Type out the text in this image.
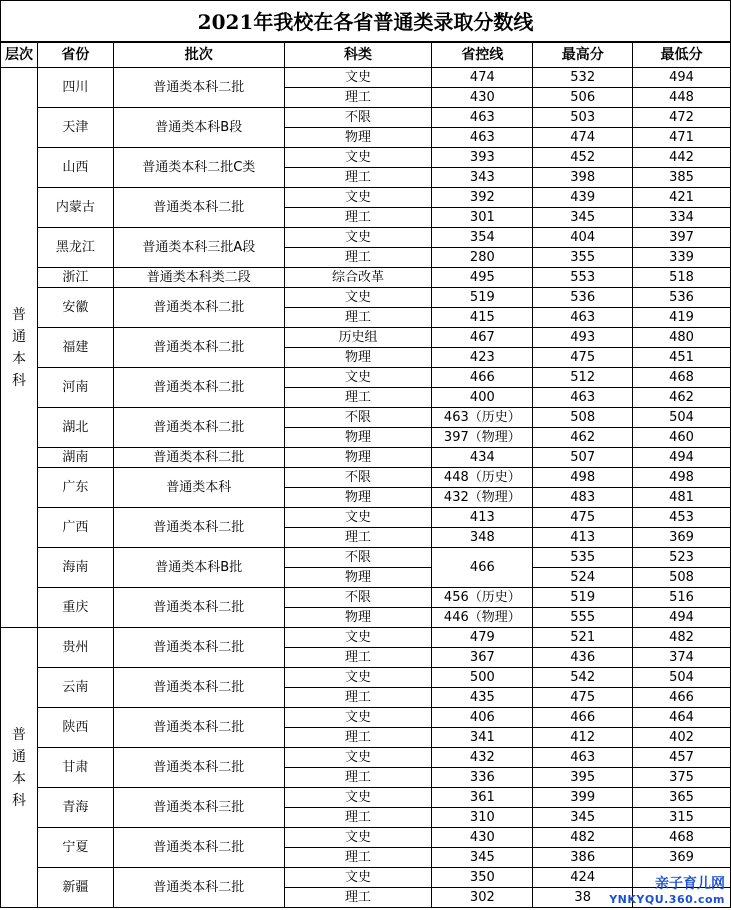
2021年我校在各省普通类录取分数线
层次	省份	批次	科类	省控线	最高分	最低分
普通本科	四川	普通类本科二批	文史	474	532	494
			理工	430	506	448
	天津	普通类本科B段	不限	463	503	472
			物理	463	474	471
	山西	普通类本科二批C类	文史	393	452	442
			理工	343	398	385
	内蒙古	普通类本科二批	文史	392	439	421
			理工	301	345	334
	黑龙江	普通类本科三批A段	文史	354	404	397
			理工	280	355	339
	浙江	普通类本科类二段	综合改革	495	553	518
	安徽	普通类本科二批	文史	519	536	536
			理工	415	463	419
	福建	普通类本科二批	历史组	467	493	480
			物理	423	475	451
	河南	普通类本科二批	文史	466	512	468
			理工	400	463	462
	湖北	普通类本科二批	不限	463（历史）	508	504
			物理	397（物理）	462	460
	湖南	普通类本科二批	物理	434	507	494
	广东	普通类本科	不限	448（历史）	498	498
			物理	432（物理）	483	481
	广西	普通类本科二批	文史	413	475	453
			理工	348	413	369
	海南	普通类本科B批	不限	466	535	523
			物理		524	508
	重庆	普通类本科二批	不限	456（历史）	519	516
			物理	446（物理）	555	494
普通本科	贵州	普通类本科二批	文史	479	521	482
			理工	367	436	374
	云南	普通类本科二批	文史	500	542	504
			理工	435	475	466
	陕西	普通类本科二批	文史	406	466	464
			理工	341	412	402
	甘肃	普通类本科二批	文史	432	463	457
			理工	336	395	375
	青海	普通类本科三批	文史	361	399	365
			理工	310	345	315
	宁夏	普通类本科二批	文史	430	482	468
			理工	345	386	369
	新疆	普通类本科二批	文史	350	424	
			理工	302	38	
亲子育儿网
YNKYQU.360.com
